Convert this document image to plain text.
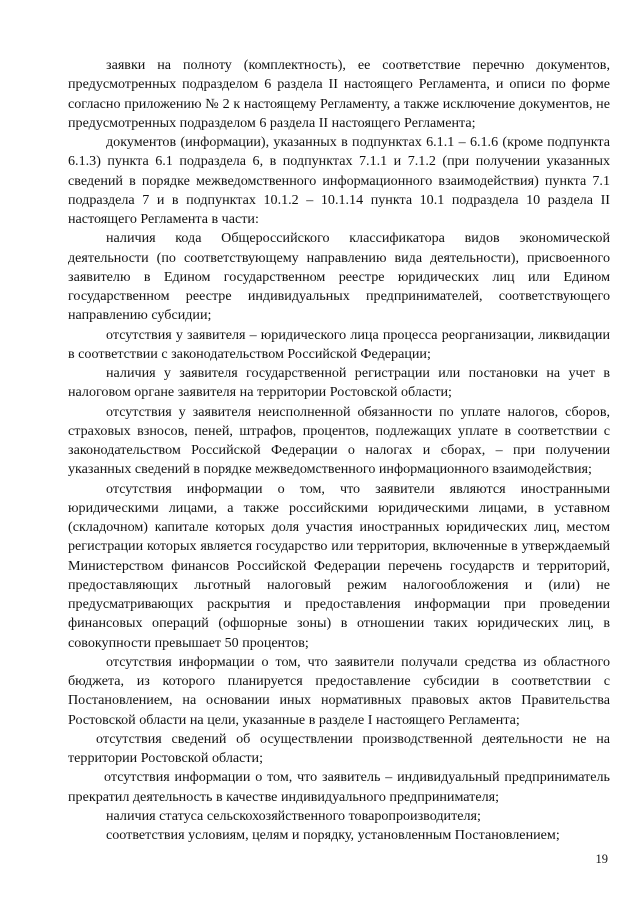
заявки на полноту (комплектность), ее соответствие перечню документов, предусмотренных подразделом 6 раздела II настоящего Регламента, и описи по форме согласно приложению № 2 к настоящему Регламенту, а также исключение документов, не предусмотренных подразделом 6 раздела II настоящего Регламента;

документов (информации), указанных в подпунктах 6.1.1 – 6.1.6 (кроме подпункта 6.1.3) пункта 6.1 подраздела 6, в подпунктах 7.1.1 и 7.1.2 (при получении указанных сведений в порядке межведомственного информационного взаимодействия) пункта 7.1 подраздела 7 и в подпунктах 10.1.2 – 10.1.14 пункта 10.1 подраздела 10 раздела II настоящего Регламента в части:

наличия кода Общероссийского классификатора видов экономической деятельности (по соответствующему направлению вида деятельности), присвоенного заявителю в Едином государственном реестре юридических лиц или Едином государственном реестре индивидуальных предпринимателей, соответствующего направлению субсидии;

отсутствия у заявителя – юридического лица процесса реорганизации, ликвидации в соответствии с законодательством Российской Федерации;

наличия у заявителя государственной регистрации или постановки на учет в налоговом органе заявителя на территории Ростовской области;

отсутствия у заявителя неисполненной обязанности по уплате налогов, сборов, страховых взносов, пеней, штрафов, процентов, подлежащих уплате в соответствии с законодательством Российской Федерации о налогах и сборах, – при получении указанных сведений в порядке межведомственного информационного взаимодействия;

отсутствия информации о том, что заявители являются иностранными юридическими лицами, а также российскими юридическими лицами, в уставном (складочном) капитале которых доля участия иностранных юридических лиц, местом регистрации которых является государство или территория, включенные в утверждаемый Министерством финансов Российской Федерации перечень государств и территорий, предоставляющих льготный налоговый режим налогообложения и (или) не предусматривающих раскрытия и предоставления информации при проведении финансовых операций (офшорные зоны) в отношении таких юридических лиц, в совокупности превышает 50 процентов;

отсутствия информации о том, что заявители получали средства из областного бюджета, из которого планируется предоставление субсидии в соответствии с Постановлением, на основании иных нормативных правовых актов Правительства Ростовской области на цели, указанные в разделе I настоящего Регламента;

отсутствия сведений об осуществлении производственной деятельности не на территории Ростовской области;

отсутствия информации о том, что заявитель – индивидуальный предприниматель прекратил деятельность в качестве индивидуального предпринимателя;

наличия статуса сельскохозяйственного товаропроизводителя;

соответствия условиям, целям и порядку, установленным Постановлением;

19
